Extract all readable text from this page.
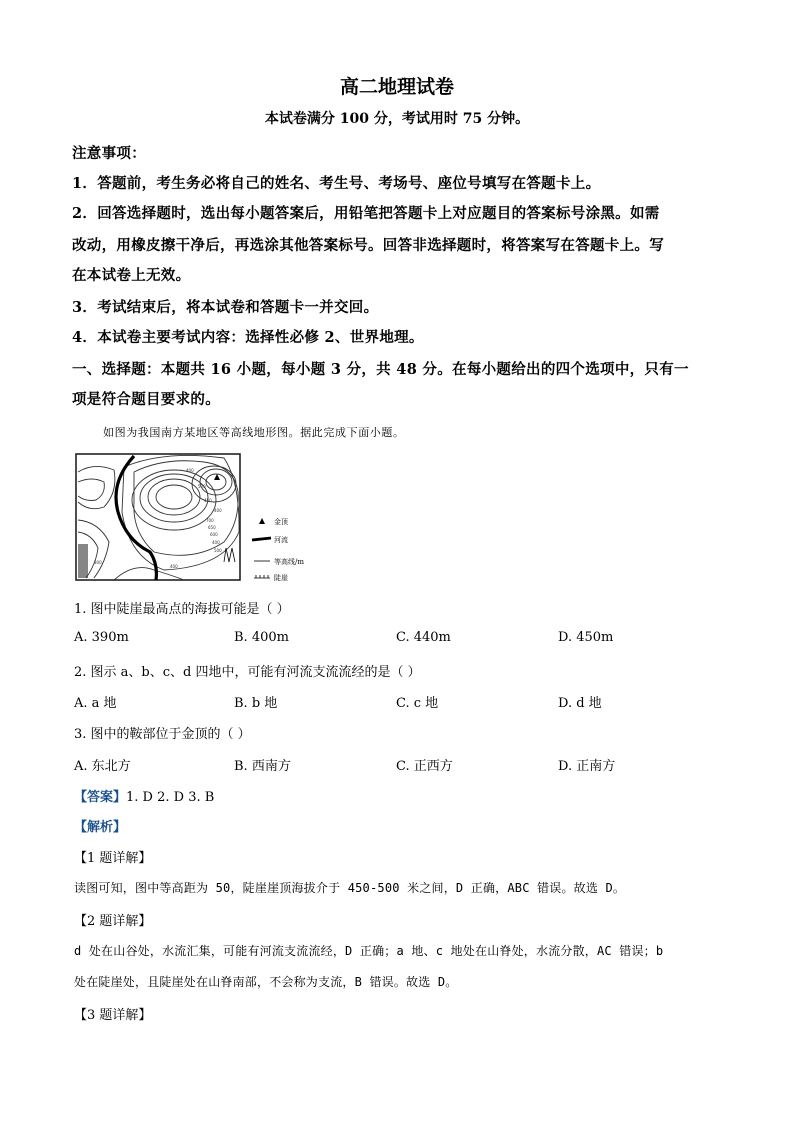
高二地理试卷
本试卷满分 100 分，考试用时 75 分钟。
注意事项：
1．答题前，考生务必将自己的姓名、考生号、考场号、座位号填写在答题卡上。
2．回答选择题时，选出每小题答案后，用铅笔把答题卡上对应题目的答案标号涂黑。如需
改动，用橡皮擦干净后，再选涂其他答案标号。回答非选择题时，将答案写在答题卡上。写
在本试卷上无效。
3．考试结束后，将本试卷和答题卡一并交回。
4．本试卷主要考试内容：选择性必修 2、世界地理。
一、选择题：本题共 16 小题，每小题 3 分，共 48 分。在每小题给出的四个选项中，只有一
项是符合题目要求的。
如图为我国南方某地区等高线地形图。据此完成下面小题。
400
500
450
400
700
650
600
400
500
400
300
金顶
河流
等高线/m
陡崖
1. 图中陡崖最高点的海拔可能是（ ）
A. 390m	B. 400m	C. 440m	D. 450m
2. 图示 a、b、c、d 四地中，可能有河流支流流经的是（ ）
A. a 地	B. b 地	C. c 地	D. d 地
3. 图中的鞍部位于金顶的（ ）
A. 东北方	B. 西南方	C. 正西方	D. 正南方
【答案】1. D 2. D 3. B
【解析】
【1 题详解】
读图可知，图中等高距为 50，陡崖崖顶海拔介于 450-500 米之间，D 正确，ABC 错误。故选 D。
【2 题详解】
d 处在山谷处，水流汇集，可能有河流支流流经，D 正确；a 地、c 地处在山脊处，水流分散，AC 错误；b
处在陡崖处，且陡崖处在山脊南部，不会称为支流，B 错误。故选 D。
【3 题详解】
